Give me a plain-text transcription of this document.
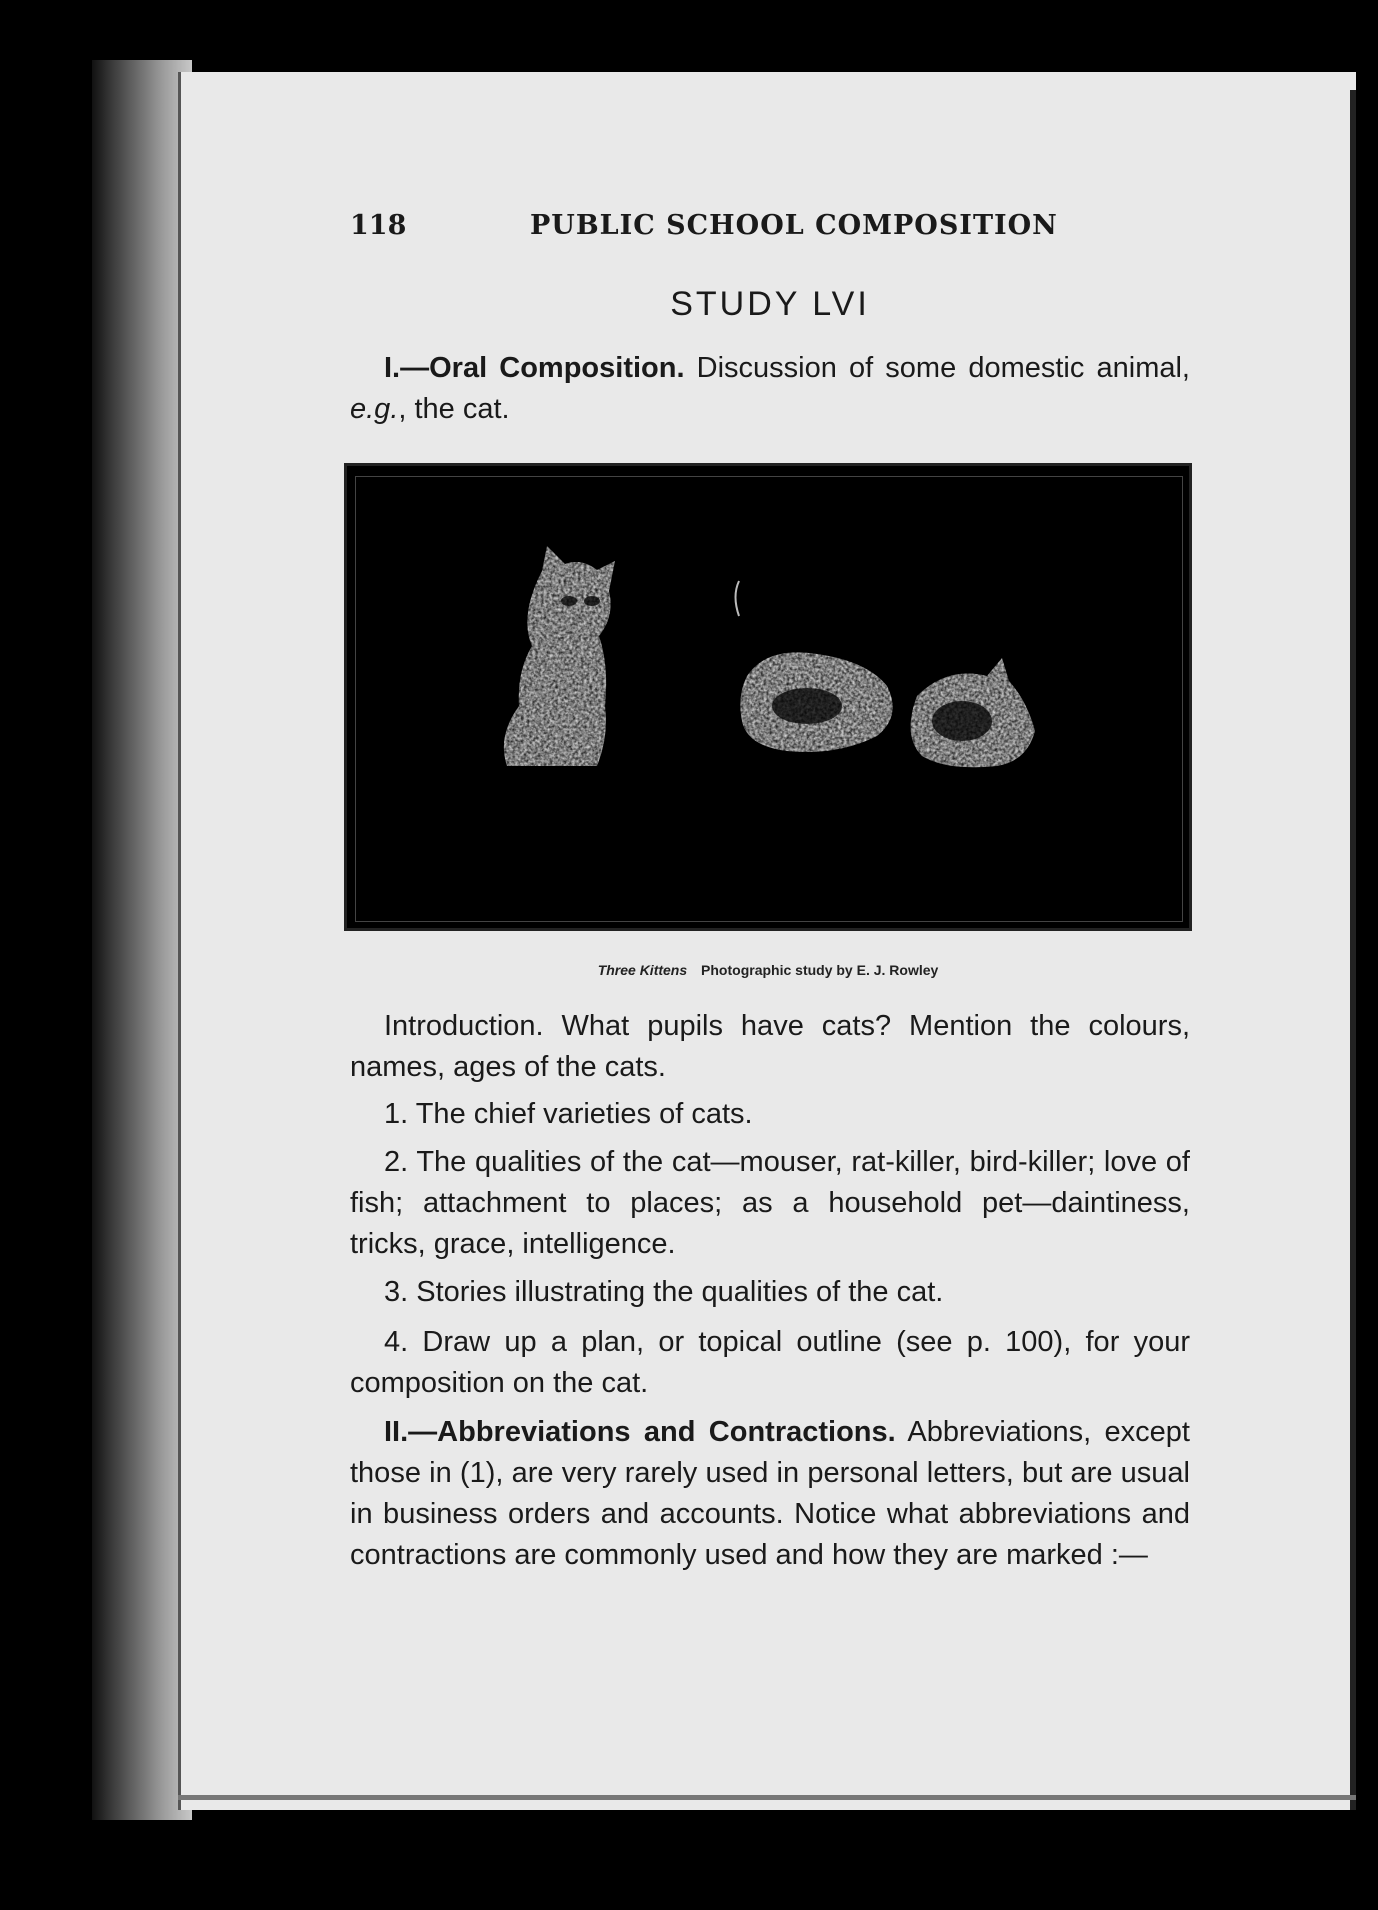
118	PUBLIC SCHOOL COMPOSITION
STUDY LVI

I.—Oral Composition. Discussion of some domestic animal, e.g., the cat.

Three Kittens Photographic study by E. J. Rowley

Introduction. What pupils have cats? Mention the colours, names, ages of the cats.

1. The chief varieties of cats.

2. The qualities of the cat—mouser, rat-killer, bird-killer; love of fish; attachment to places; as a household pet—daintiness, tricks, grace, intelligence.

3. Stories illustrating the qualities of the cat.

4. Draw up a plan, or topical outline (see p. 100), for your composition on the cat.

II.—Abbreviations and Contractions. Abbreviations, except those in (1), are very rarely used in personal letters, but are usual in business orders and accounts. Notice what abbreviations and contractions are commonly used and how they are marked :—
